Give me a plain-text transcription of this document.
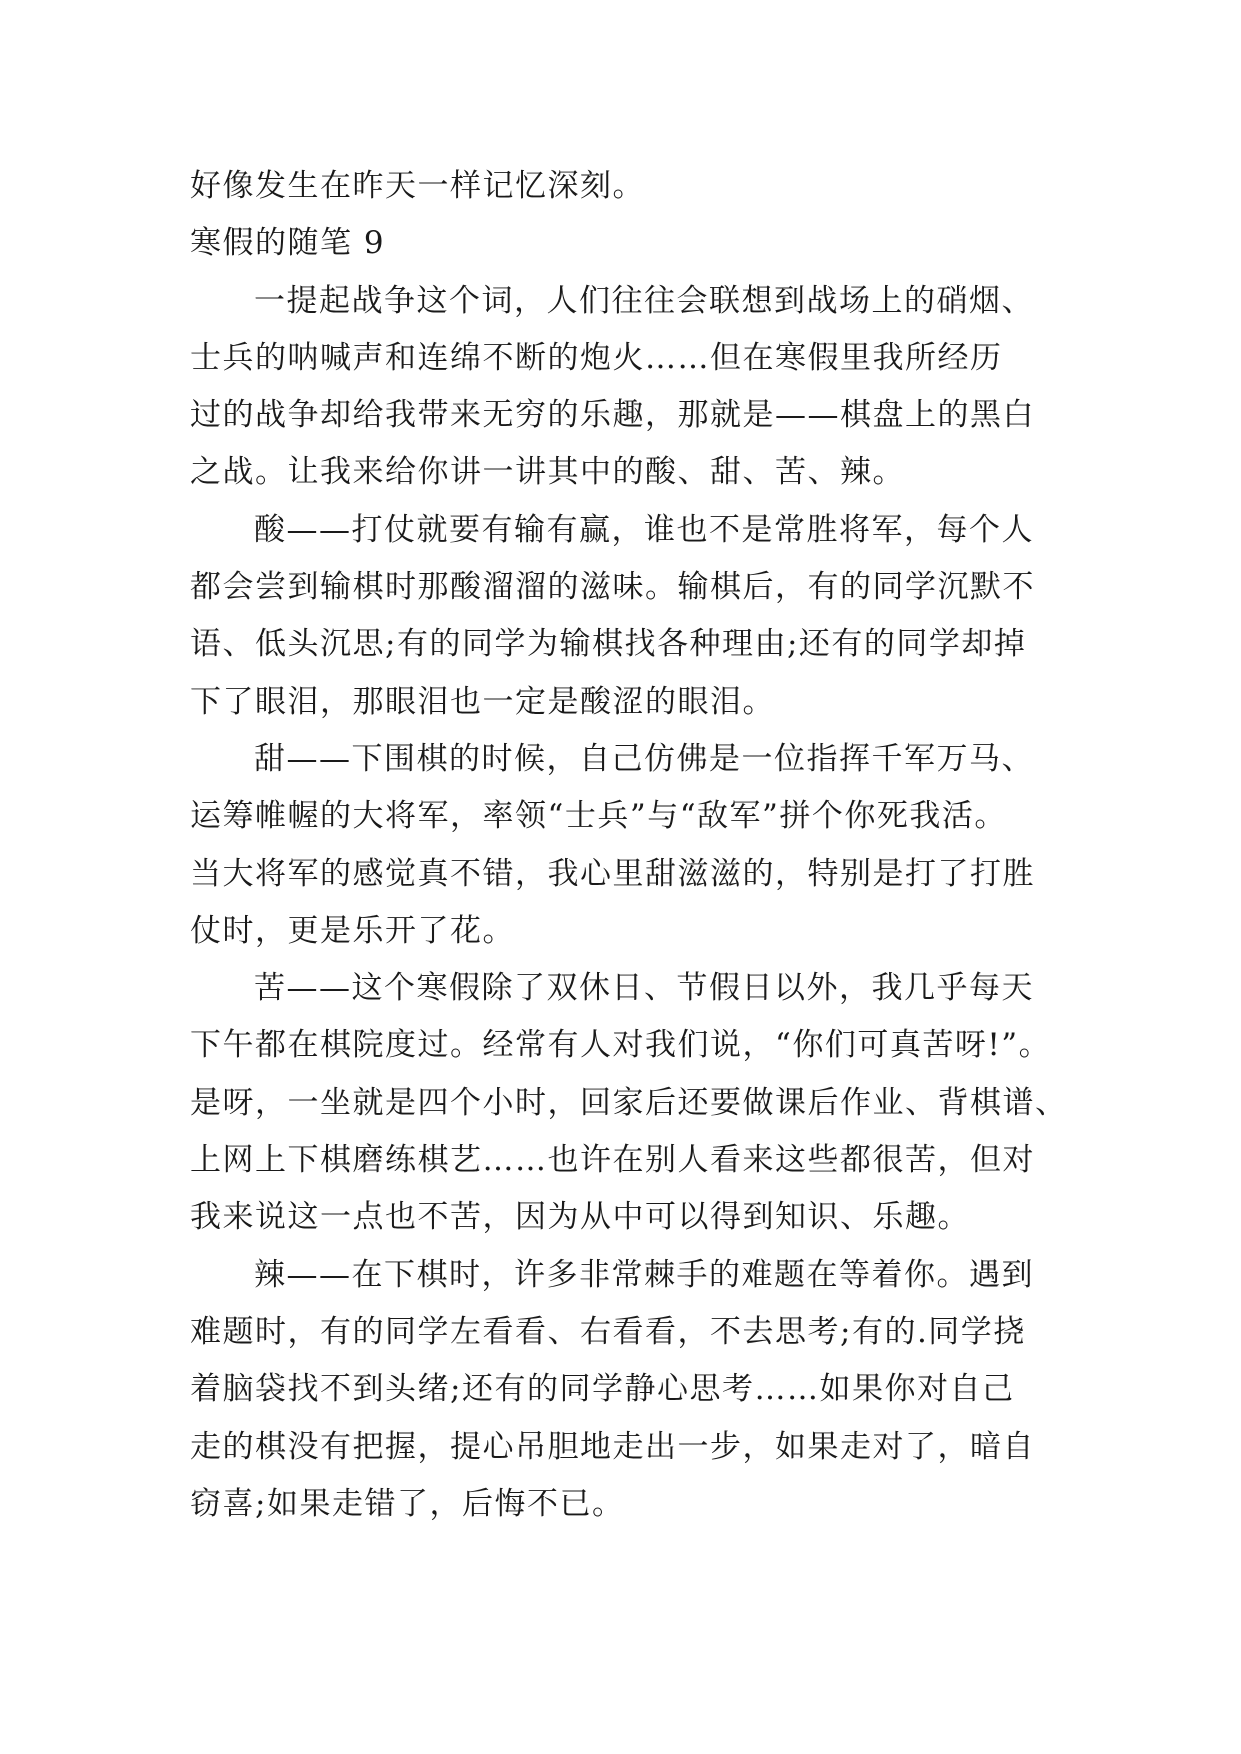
好像发生在昨天一样记忆深刻。
寒假的随笔 9
一提起战争这个词，人们往往会联想到战场上的硝烟、
士兵的呐喊声和连绵不断的炮火……但在寒假里我所经历
过的战争却给我带来无穷的乐趣，那就是——棋盘上的黑白
之战。让我来给你讲一讲其中的酸、甜、苦、辣。
酸——打仗就要有输有赢，谁也不是常胜将军，每个人
都会尝到输棋时那酸溜溜的滋味。输棋后，有的同学沉默不
语、低头沉思;有的同学为输棋找各种理由;还有的同学却掉
下了眼泪，那眼泪也一定是酸涩的眼泪。
甜——下围棋的时候，自己仿佛是一位指挥千军万马、
运筹帷幄的大将军，率领“士兵”与“敌军”拼个你死我活。
当大将军的感觉真不错，我心里甜滋滋的，特别是打了打胜
仗时，更是乐开了花。
苦——这个寒假除了双休日、节假日以外，我几乎每天
下午都在棋院度过。经常有人对我们说，“你们可真苦呀!”。
是呀，一坐就是四个小时，回家后还要做课后作业、背棋谱、
上网上下棋磨练棋艺……也许在别人看来这些都很苦，但对
我来说这一点也不苦，因为从中可以得到知识、乐趣。
辣——在下棋时，许多非常棘手的难题在等着你。遇到
难题时，有的同学左看看、右看看，不去思考;有的.同学挠
着脑袋找不到头绪;还有的同学静心思考……如果你对自己
走的棋没有把握，提心吊胆地走出一步，如果走对了，暗自
窃喜;如果走错了，后悔不已。
